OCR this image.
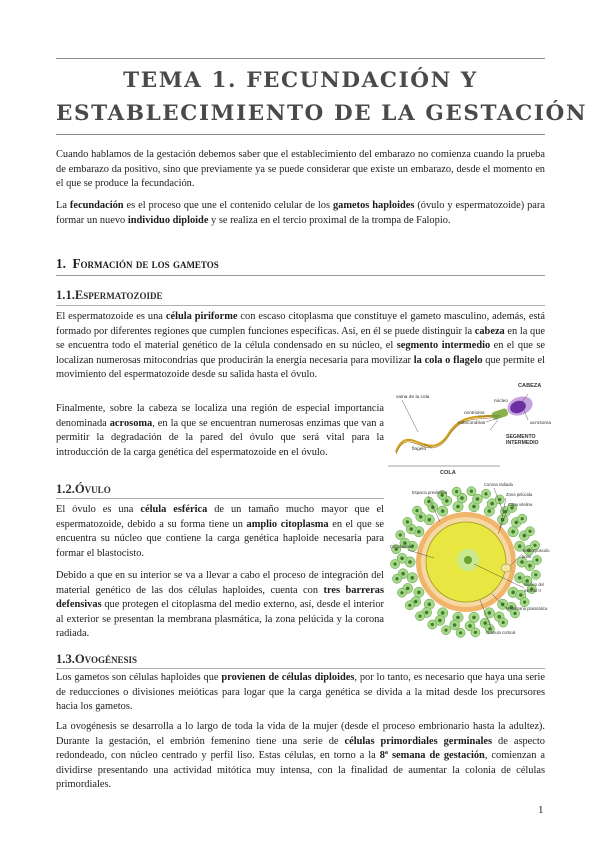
TEMA 1. FECUNDACIÓN Y
ESTABLECIMIENTO DE LA GESTACIÓN

Cuando hablamos de la gestación debemos saber que el establecimiento del embarazo no comienza cuando la prueba de embarazo da positivo, sino que previamente ya se puede considerar que existe un embarazo, desde el momento en el que se produce la fecundación.

La fecundación es el proceso que une el contenido celular de los gametos haploides (óvulo y espermatozoide) para formar un nuevo individuo diploide y se realiza en el tercio proximal de la trompa de Falopio.

1. Formación de los gametos
1.1.Espermatozoide

El espermatozoide es una célula piriforme con escaso citoplasma que constituye el gameto masculino, además, está formado por diferentes regiones que cumplen funciones específicas. Así, en él se puede distinguir la cabeza en la que se encuentra todo el material genético de la célula condensado en su núcleo, el segmento intermedio en el que se localizan numerosas mitocondrias que producirán la energía necesaria para movilizar la cola o flagelo que permite el movimiento del espermatozoide desde su salida hasta el óvulo.

Finalmente, sobre la cabeza se localiza una región de especial importancia denominada acrosoma, en la que se encuentran numerosas enzimas que van a permitir la degradación de la pared del óvulo que será vital para la introducción de la carga genética del espermatozoide en el óvulo.

CABEZA
vaina de la cola
núcleo
centriolos
mitocondrias	acrosoma
flagelo
SEGMENTO
INTERMEDIO
COLA
1.2.Óvulo

El óvulo es una célula esférica de un tamaño mucho mayor que el espermatozoide, debido a su forma tiene un amplio citoplasma en el que se encuentra su núcleo que contiene la carga genética haploide necesaria para formar el blastocisto.

Debido a que en su interior se va a llevar a cabo el proceso de integración del material genético de las dos células haploides, cuenta con tres barreras defensivas que protegen el citoplasma del medio externo, así, desde el interior al exterior se presentan la membrana plasmática, la zona pelúcida y la corona radiada.

Espacio previtelino
Corona radiada
Zona pelúcida
Capa vitelina
Citoplasma
1er corpúsculo
polar
Núcleo del
ovocito II
Membrana plasmática
Gránulo cortical
1.3.Ovogénesis

Los gametos son células haploides que provienen de células diploides, por lo tanto, es necesario que haya una serie de reducciones o divisiones meióticas para logar que la carga genética se divida a la mitad desde los precursores hacia los gametos.

La ovogénesis se desarrolla a lo largo de toda la vida de la mujer (desde el proceso embrionario hasta la adultez). Durante la gestación, el embrión femenino tiene una serie de células primordiales germinales de aspecto redondeado, con núcleo centrado y perfil liso. Estas células, en torno a la 8ª semana de gestación, comienzan a dividirse presentando una actividad mitótica muy intensa, con la finalidad de aumentar la colonia de células primordiales.

1
